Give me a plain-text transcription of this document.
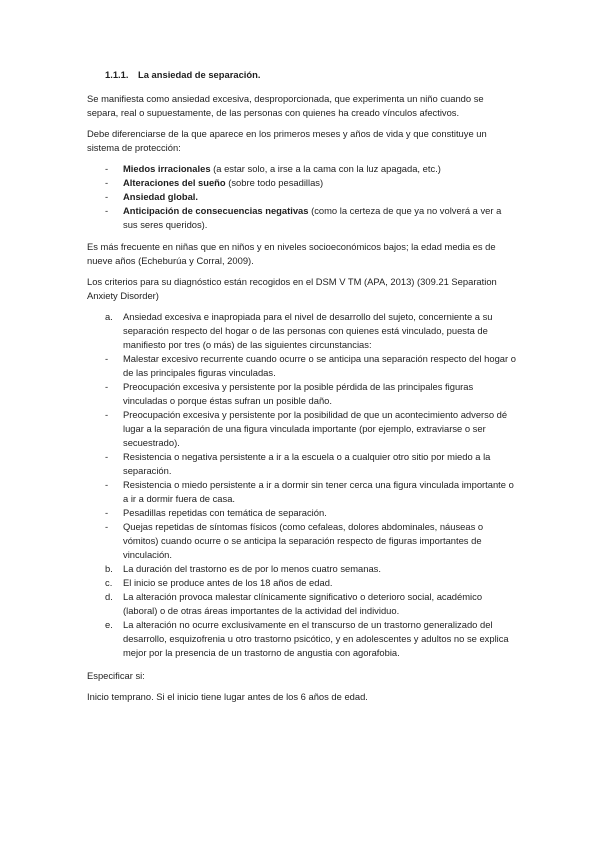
1.1.1. La ansiedad de separación.

Se manifiesta como ansiedad excesiva, desproporcionada, que experimenta un niño cuando se separa, real o supuestamente, de las personas con quienes ha creado vínculos afectivos.

Debe diferenciarse de la que aparece en los primeros meses y años de vida y que constituye un sistema de protección:

- Miedos irracionales (a estar solo, a irse a la cama con la luz apagada, etc.)
- Alteraciones del sueño (sobre todo pesadillas)
- Ansiedad global.
- Anticipación de consecuencias negativas (como la certeza de que ya no volverá a ver a sus seres queridos).

Es más frecuente en niñas que en niños y en niveles socioeconómicos bajos; la edad media es de nueve años (Echeburúa y Corral, 2009).

Los criterios para su diagnóstico están recogidos en el DSM V TM (APA, 2013) (309.21 Separation Anxiety Disorder)

a. Ansiedad excesiva e inapropiada para el nivel de desarrollo del sujeto, concerniente a su separación respecto del hogar o de las personas con quienes está vinculado, puesta de manifiesto por tres (o más) de las siguientes circunstancias:
- Malestar excesivo recurrente cuando ocurre o se anticipa una separación respecto del hogar o de las principales figuras vinculadas.
- Preocupación excesiva y persistente por la posible pérdida de las principales figuras vinculadas o porque éstas sufran un posible daño.
- Preocupación excesiva y persistente por la posibilidad de que un acontecimiento adverso dé lugar a la separación de una figura vinculada importante (por ejemplo, extraviarse o ser secuestrado).
- Resistencia o negativa persistente a ir a la escuela o a cualquier otro sitio por miedo a la separación.
- Resistencia o miedo persistente a ir a dormir sin tener cerca una figura vinculada importante o a ir a dormir fuera de casa.
- Pesadillas repetidas con temática de separación.
- Quejas repetidas de síntomas físicos (como cefaleas, dolores abdominales, náuseas o vómitos) cuando ocurre o se anticipa la separación respecto de figuras importantes de vinculación.
b. La duración del trastorno es de por lo menos cuatro semanas.
c. El inicio se produce antes de los 18 años de edad.
d. La alteración provoca malestar clínicamente significativo o deterioro social, académico (laboral) o de otras áreas importantes de la actividad del individuo.
e. La alteración no ocurre exclusivamente en el transcurso de un trastorno generalizado del desarrollo, esquizofrenia u otro trastorno psicótico, y en adolescentes y adultos no se explica mejor por la presencia de un trastorno de angustia con agorafobia.

Especificar si:

Inicio temprano. Si el inicio tiene lugar antes de los 6 años de edad.
